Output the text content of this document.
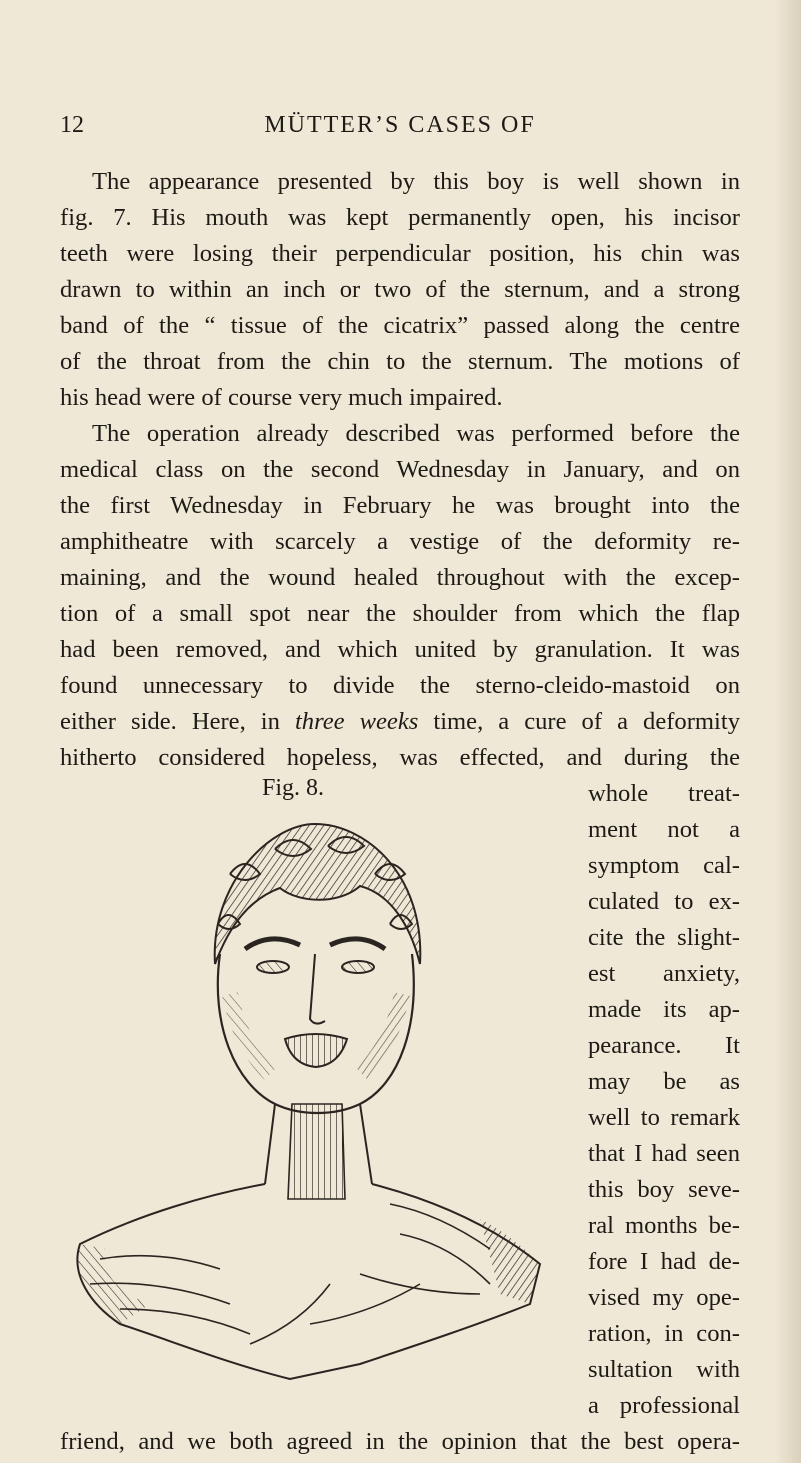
12	MÜTTER’S CASES OF
The appearance presented by this boy is well shown in
fig. 7. His mouth was kept permanently open, his incisor
teeth were losing their perpendicular position, his chin was
drawn to within an inch or two of the sternum, and a strong
band of the “ tissue of the cicatrix” passed along the centre
of the throat from the chin to the sternum. The motions of
his head were of course very much impaired.
The operation already described was performed before the
medical class on the second Wednesday in January, and on
the first Wednesday in February he was brought into the
amphitheatre with scarcely a vestige of the deformity re-
maining, and the wound healed throughout with the excep-
tion of a small spot near the shoulder from which the flap
had been removed, and which united by granulation. It was
found unnecessary to divide the sterno-cleido-mastoid on
either side. Here, in three weeks time, a cure of a deformity
hitherto considered hopeless, was effected, and during the
Fig. 8.	whole treat-
ment not a
symptom cal-
culated to ex-
cite the slight-
est anxiety,
made its ap-
pearance. It
may be as
well to remark
that I had seen
this boy seve-
ral months be-
fore I had de-
vised my ope-
ration, in con-
sultation with
a professional
friend, and we both agreed in the opinion that the best opera-
